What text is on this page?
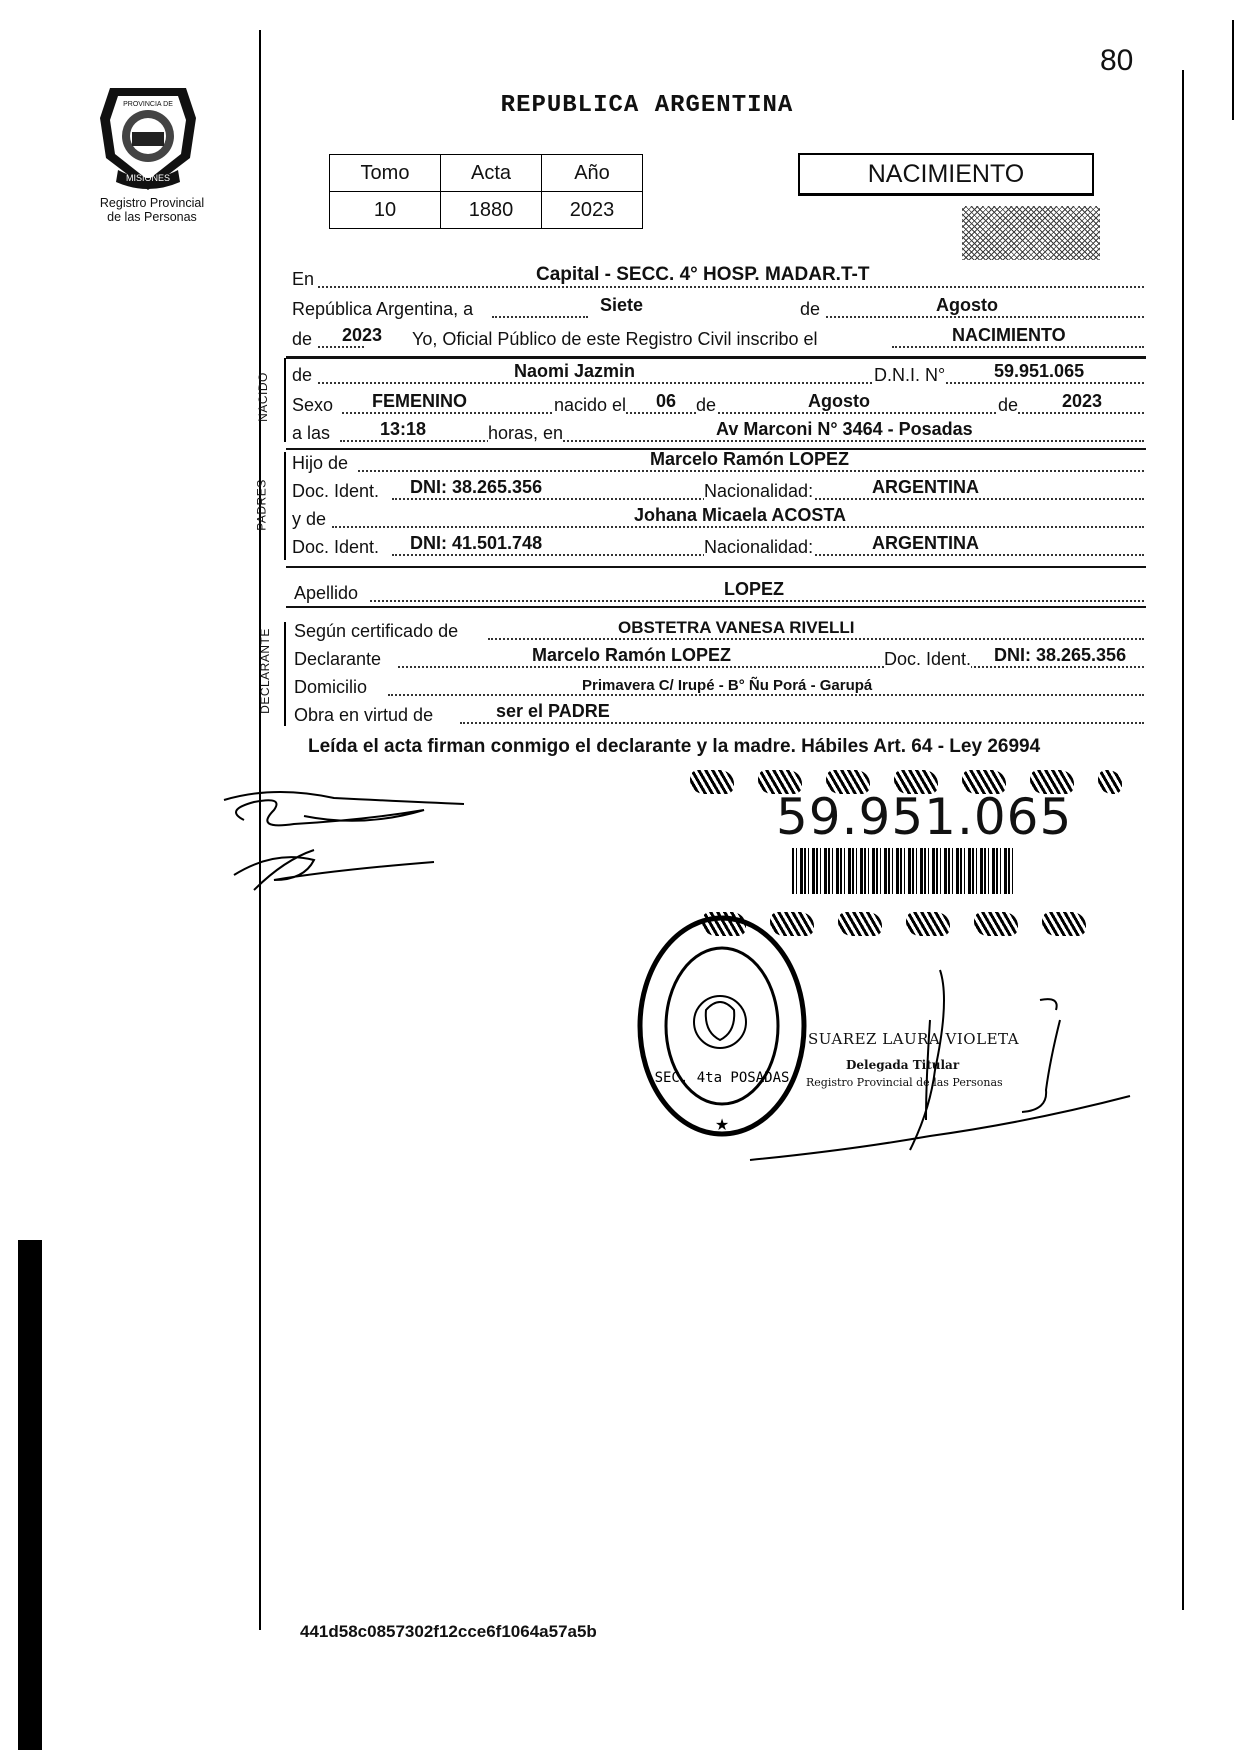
80
MISIONES
PROVINCIA DE
Registro Provincial
de las Personas
REPUBLICA ARGENTINA
Tomo	Acta	Año
10	1880	2023
NACIMIENTO
En	Capital - SECC. 4° HOSP. MADAR.T-T
República Argentina, a	Siete	de	Agosto
de 2023 Yo, Oficial Público de este Registro Civil inscribo el	NACIMIENTO
NACIDO de	Naomi Jazmin	D.N.I. N°	59.951.065
Sexo FEMENINO	nacido el 06 de	Agosto	de 2023
a las	13:18	horas, en	Av Marconi N° 3464 - Posadas
PADRES
Hijo de	Marcelo Ramón LOPEZ
Doc. Ident. DNI: 38.265.356	Nacionalidad:	ARGENTINA
y de	Johana Micaela ACOSTA
Doc. Ident. DNI: 41.501.748	Nacionalidad:	ARGENTINA
Apellido	LOPEZ
DECLARANTE Según certificado de	OBSTETRA VANESA RIVELLI
Declarante	Marcelo Ramón LOPEZ	Doc. Ident. DNI: 38.265.356
Domicilio	Primavera C/ Irupé - B° Ñu Porá - Garupá
Obra en virtud de	ser el PADRE
Leída el acta firman conmigo el declarante y la madre. Hábiles Art. 64 - Ley 26994
59.951.065
SEC. 4ta POSADAS
★
SUAREZ LAURA VIOLETA
Delegada Titular
Registro Provincial de las Personas
441d58c0857302f12cce6f1064a57a5b
